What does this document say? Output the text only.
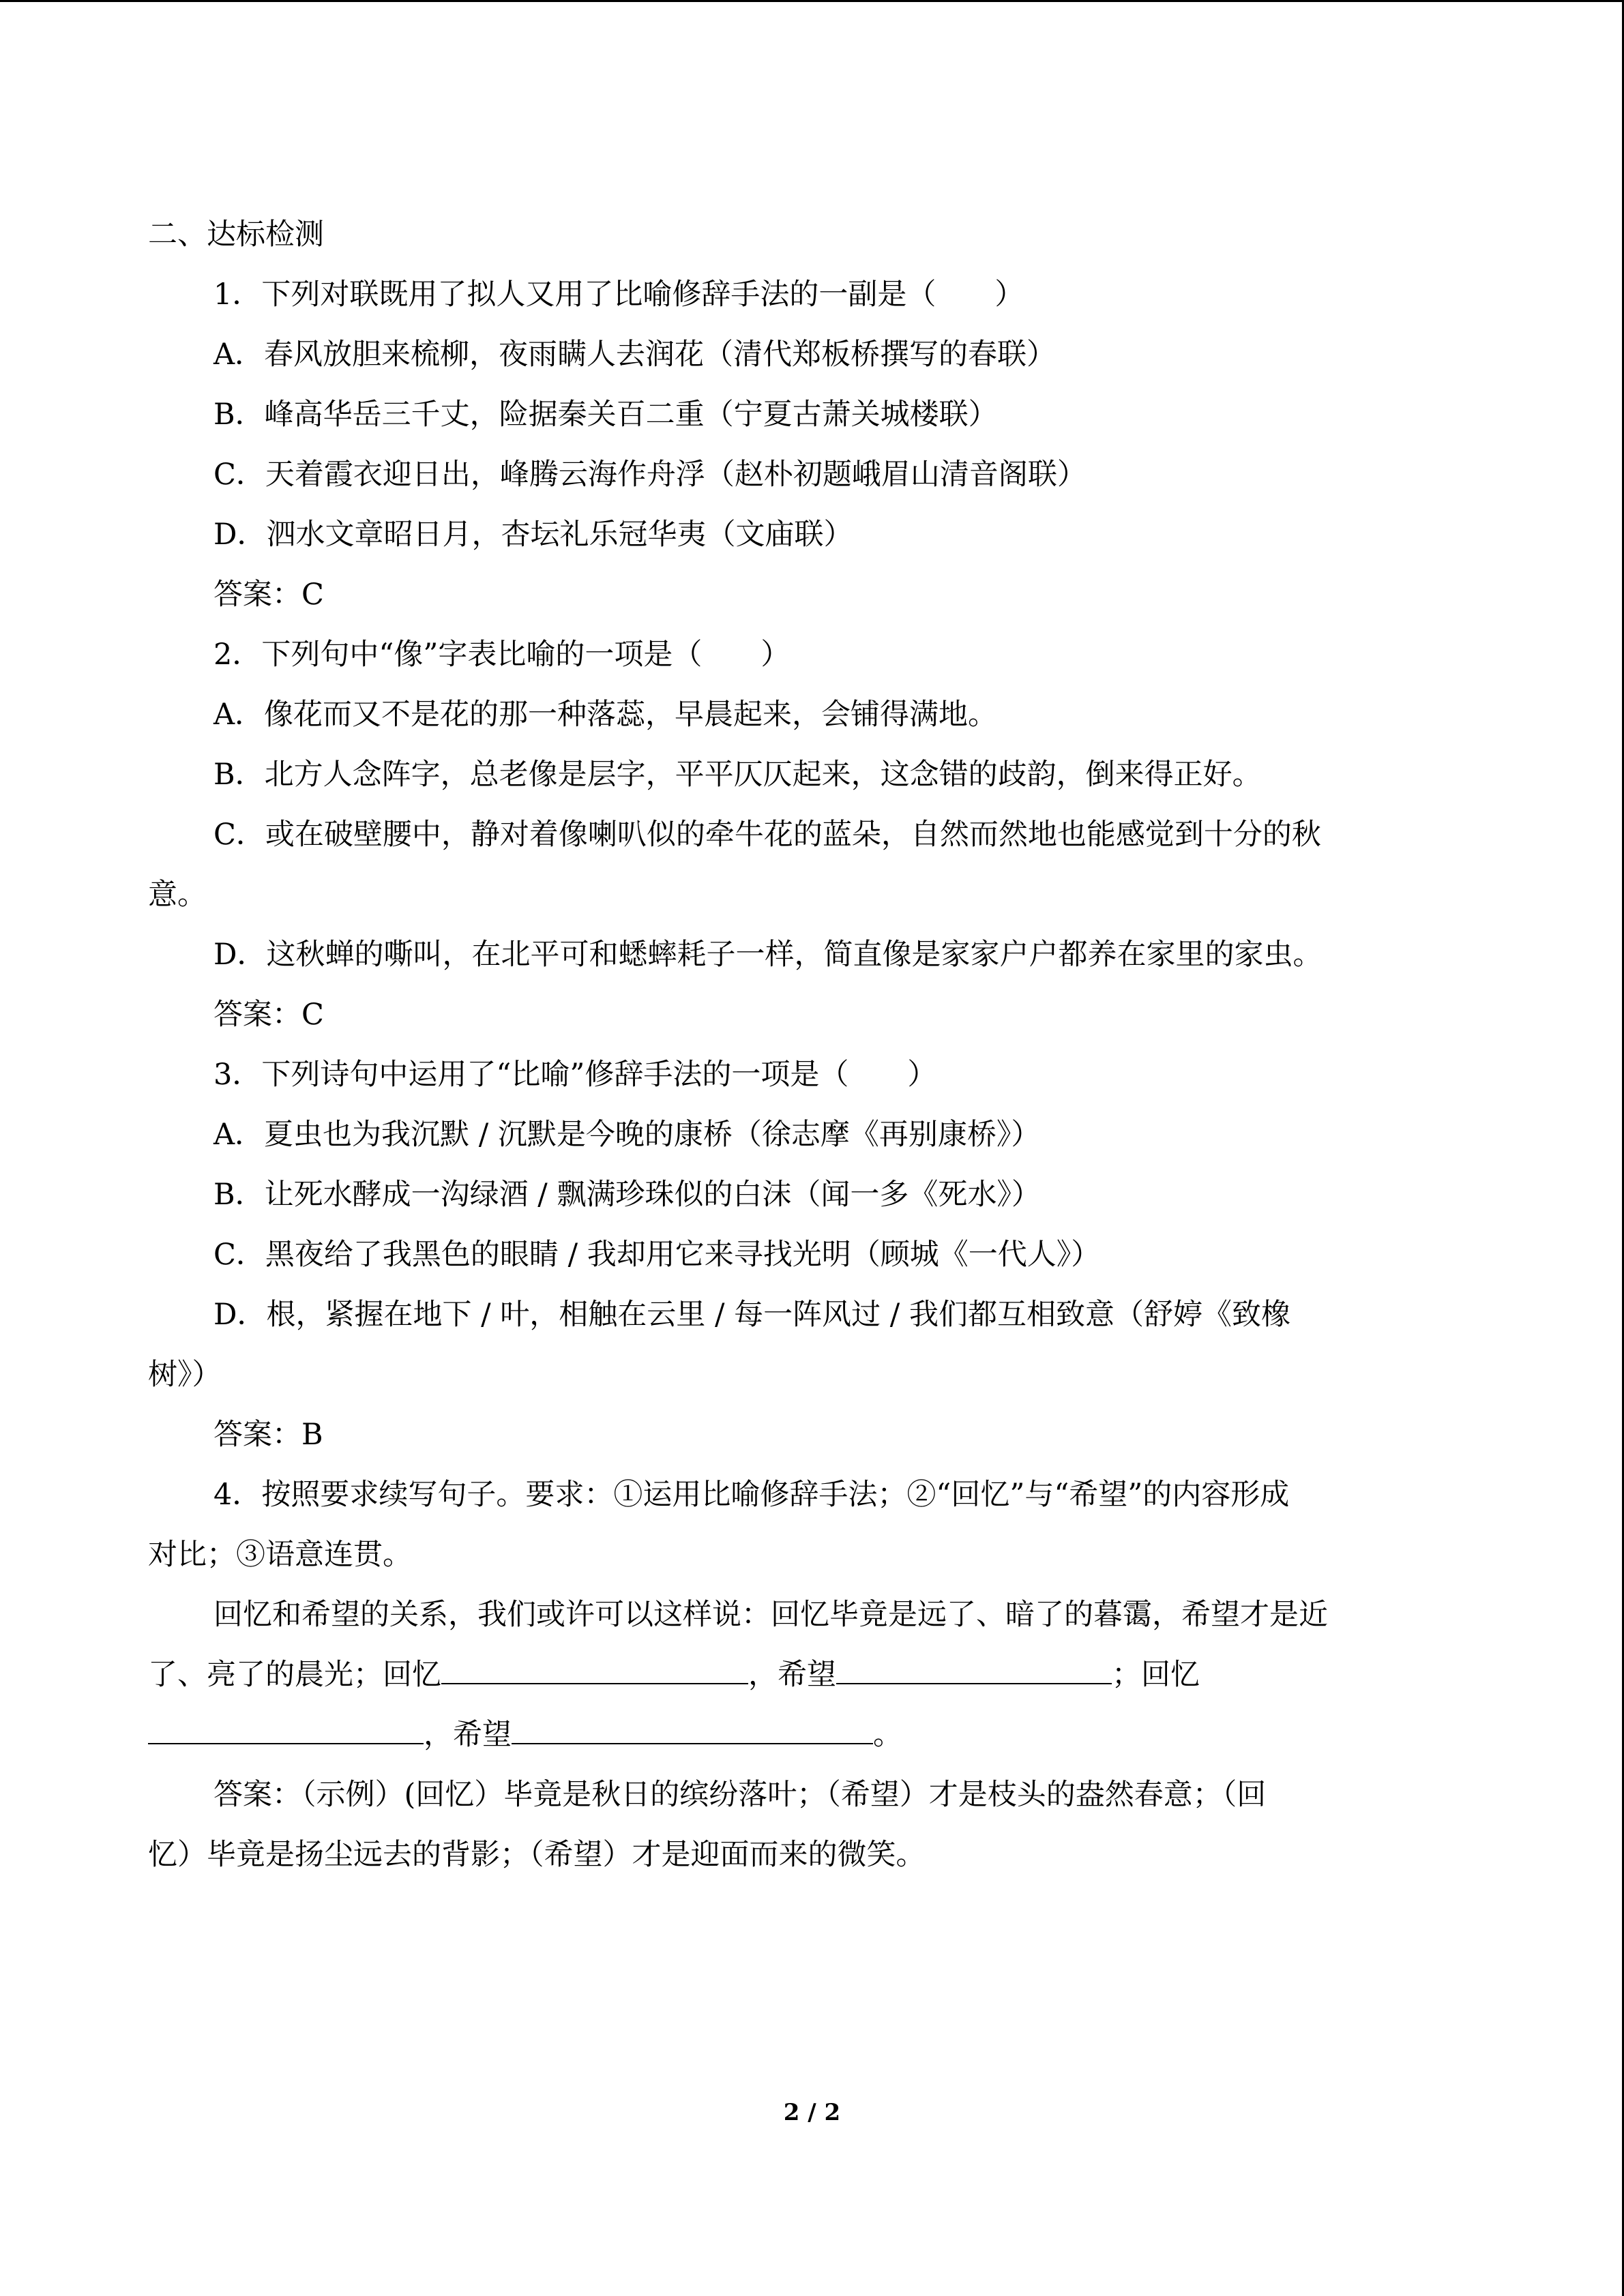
二、达标检测
1．下列对联既用了拟人又用了比喻修辞手法的一副是（　　）
A．春风放胆来梳柳，夜雨瞒人去润花（清代郑板桥撰写的春联）
B．峰高华岳三千丈，险据秦关百二重（宁夏古萧关城楼联）
C．天着霞衣迎日出，峰腾云海作舟浮（赵朴初题峨眉山清音阁联）
D．泗水文章昭日月，杏坛礼乐冠华夷（文庙联）
答案：C
2．下列句中“像”字表比喻的一项是（　　）
A．像花而又不是花的那一种落蕊，早晨起来，会铺得满地。
B．北方人念阵字，总老像是层字，平平仄仄起来，这念错的歧韵，倒来得正好。
C．或在破壁腰中，静对着像喇叭似的牵牛花的蓝朵，自然而然地也能感觉到十分的秋
意。
D．这秋蝉的嘶叫，在北平可和蟋蟀耗子一样，简直像是家家户户都养在家里的家虫。
答案：C
3．下列诗句中运用了“比喻”修辞手法的一项是（　　）
A．夏虫也为我沉默 / 沉默是今晚的康桥（徐志摩《再别康桥》）
B．让死水酵成一沟绿酒 / 飘满珍珠似的白沫（闻一多《死水》）
C．黑夜给了我黑色的眼睛 / 我却用它来寻找光明（顾城《一代人》）
D．根，紧握在地下 / 叶，相触在云里 / 每一阵风过 / 我们都互相致意（舒婷《致橡
树》）
答案：B
4．按照要求续写句子。要求：①运用比喻修辞手法；②“回忆”与“希望”的内容形成
对比；③语意连贯。
回忆和希望的关系，我们或许可以这样说：回忆毕竟是远了、暗了的暮霭，希望才是近
了、亮了的晨光；回忆	，希望	；回忆
，希望	。
答案：（示例）(回忆）毕竟是秋日的缤纷落叶；（希望）才是枝头的盎然春意；（回
忆）毕竟是扬尘远去的背影；（希望）才是迎面而来的微笑。
2 / 2
